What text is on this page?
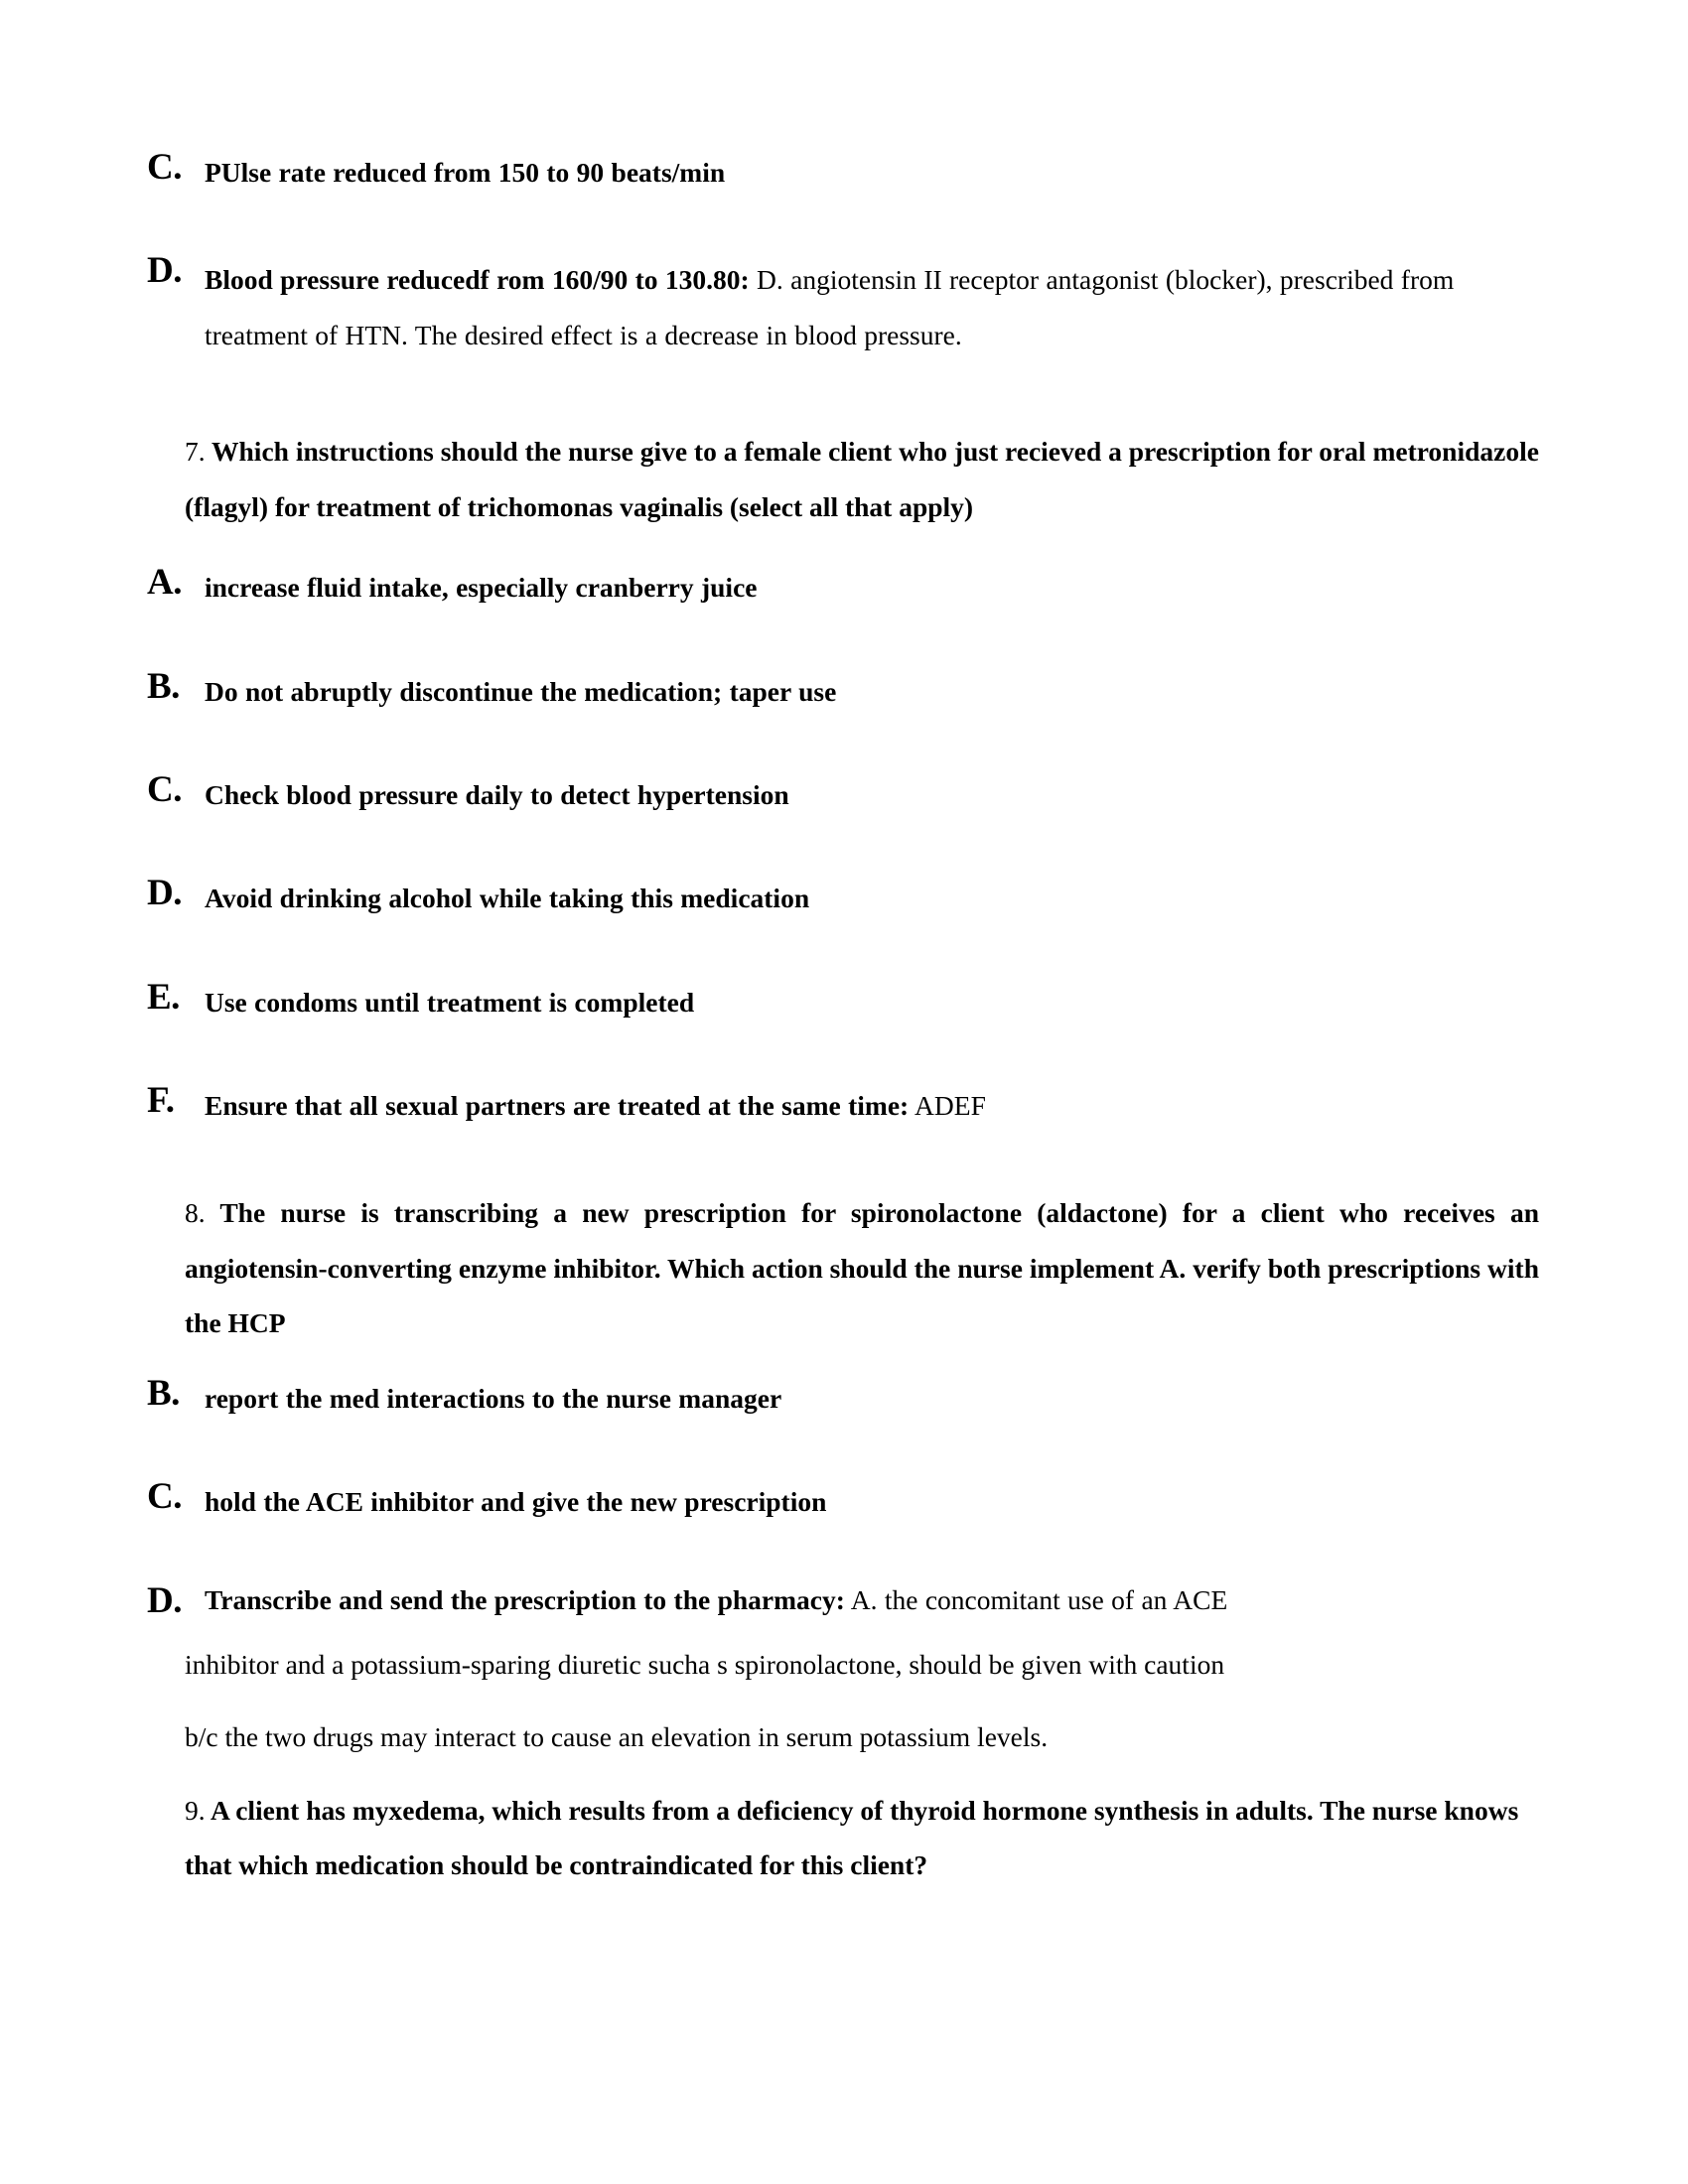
C. PUlse rate reduced from 150 to 90 beats/min
D. Blood pressure reducedf rom 160/90 to 130.80: D. angiotensin II receptor antagonist (blocker), prescribed from treatment of HTN. The desired effect is a decrease in blood pressure.
7. Which instructions should the nurse give to a female client who just recieved a prescription for oral metronidazole (flagyl) for treatment of trichomonas vaginalis (select all that apply)
A. increase fluid intake, especially cranberry juice
B. Do not abruptly discontinue the medication; taper use
C. Check blood pressure daily to detect hypertension
D. Avoid drinking alcohol while taking this medication
E. Use condoms until treatment is completed
F.	Ensure that all sexual partners are treated at the same time: ADEF
8. The nurse is transcribing a new prescription for spironolactone (aldactone) for a client who receives an angiotensin-converting enzyme inhibitor. Which action should the nurse implement A. verify both prescriptions with the HCP
B. report the med interactions to the nurse manager
C. hold the ACE inhibitor and give the new prescription
D. Transcribe and send the prescription to the pharmacy: A. the concomitant use of an ACE
inhibitor and a potassium-sparing diuretic sucha s spironolactone, should be given with caution
b/c the two drugs may interact to cause an elevation in serum potassium levels.
9. A client has myxedema, which results from a deficiency of thyroid hormone synthesis in adults. The nurse knows that which medication should be contraindicated for this client?
